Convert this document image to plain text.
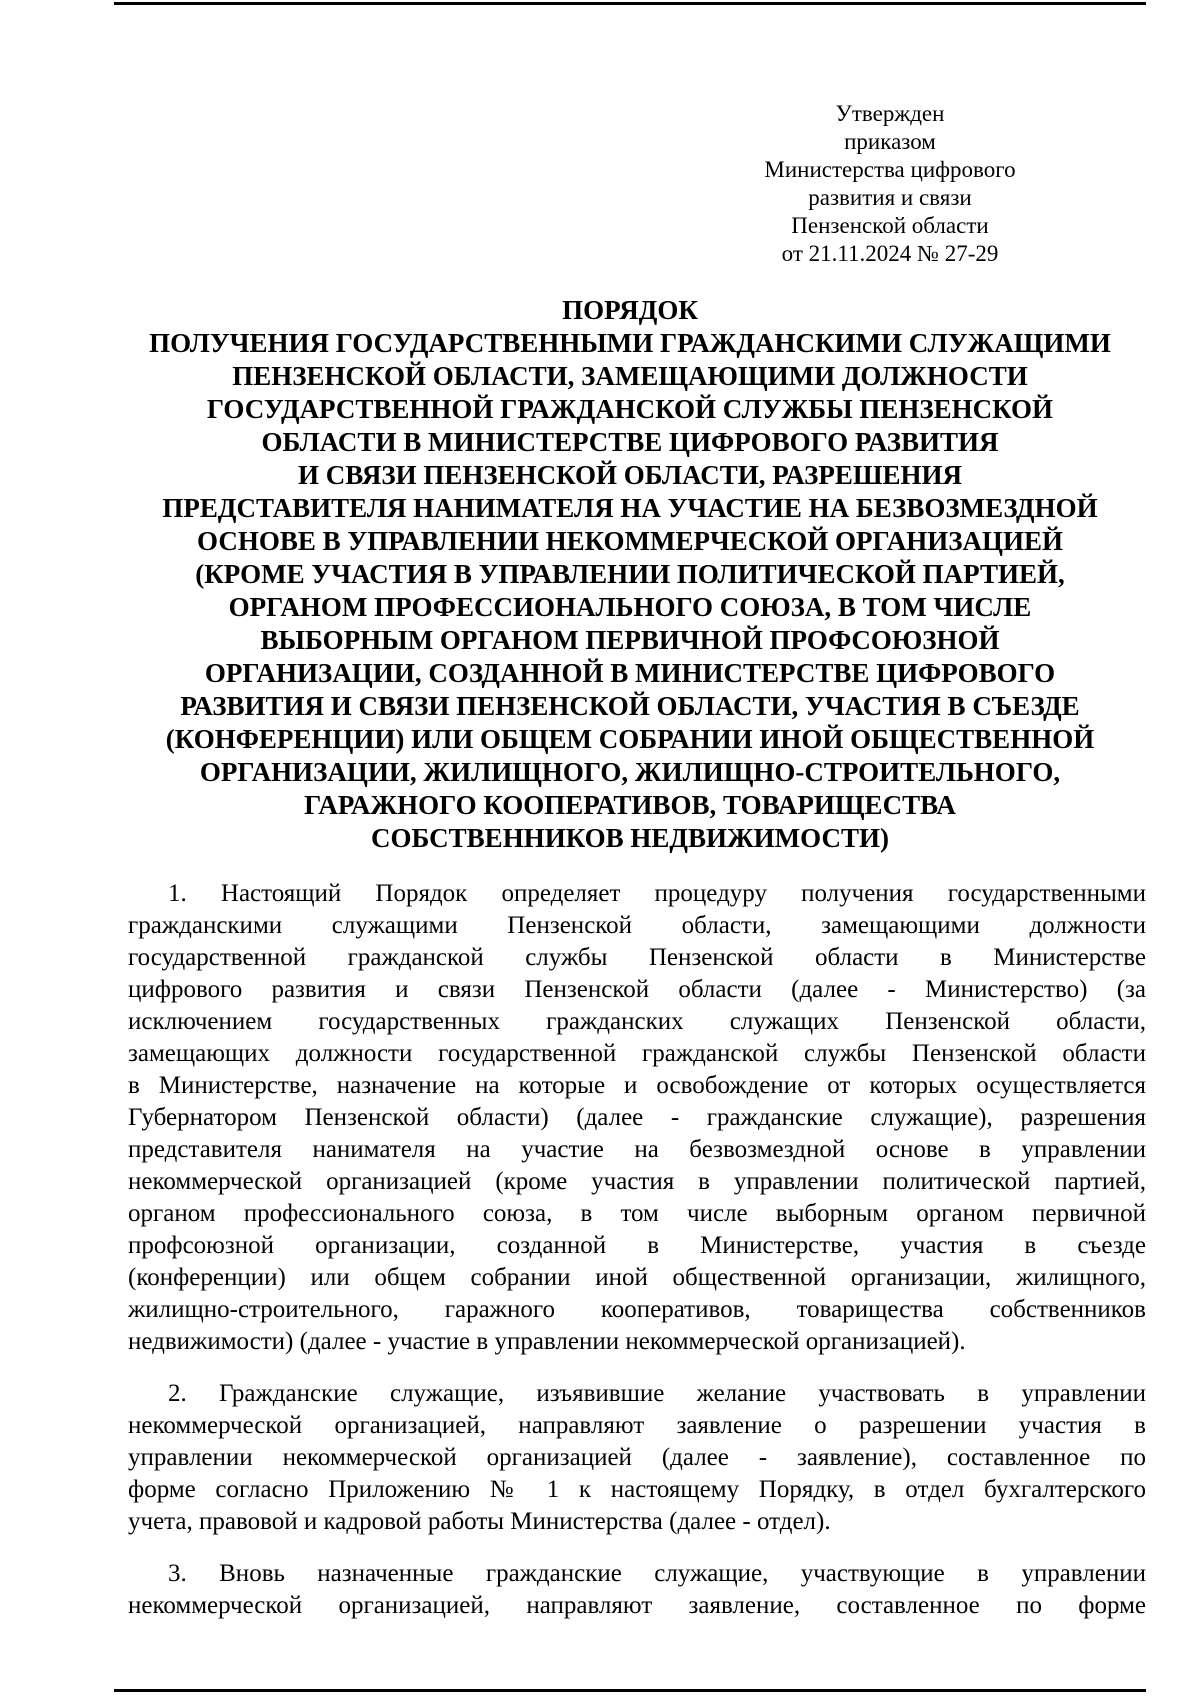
Утвержден
приказом
Министерства цифрового
развития и связи
Пензенской области
от 21.11.2024 № 27-29
ПОРЯДОК
ПОЛУЧЕНИЯ ГОСУДАРСТВЕННЫМИ ГРАЖДАНСКИМИ СЛУЖАЩИМИ
ПЕНЗЕНСКОЙ ОБЛАСТИ, ЗАМЕЩАЮЩИМИ ДОЛЖНОСТИ
ГОСУДАРСТВЕННОЙ ГРАЖДАНСКОЙ СЛУЖБЫ ПЕНЗЕНСКОЙ
ОБЛАСТИ В МИНИСТЕРСТВЕ ЦИФРОВОГО РАЗВИТИЯ
И СВЯЗИ ПЕНЗЕНСКОЙ ОБЛАСТИ, РАЗРЕШЕНИЯ
ПРЕДСТАВИТЕЛЯ НАНИМАТЕЛЯ НА УЧАСТИЕ НА БЕЗВОЗМЕЗДНОЙ
ОСНОВЕ В УПРАВЛЕНИИ НЕКОММЕРЧЕСКОЙ ОРГАНИЗАЦИЕЙ
(КРОМЕ УЧАСТИЯ В УПРАВЛЕНИИ ПОЛИТИЧЕСКОЙ ПАРТИЕЙ,
ОРГАНОМ ПРОФЕССИОНАЛЬНОГО СОЮЗА, В ТОМ ЧИСЛЕ
ВЫБОРНЫМ ОРГАНОМ ПЕРВИЧНОЙ ПРОФСОЮЗНОЙ
ОРГАНИЗАЦИИ, СОЗДАННОЙ В МИНИСТЕРСТВЕ ЦИФРОВОГО
РАЗВИТИЯ И СВЯЗИ ПЕНЗЕНСКОЙ ОБЛАСТИ, УЧАСТИЯ В СЪЕЗДЕ
(КОНФЕРЕНЦИИ) ИЛИ ОБЩЕМ СОБРАНИИ ИНОЙ ОБЩЕСТВЕННОЙ
ОРГАНИЗАЦИИ, ЖИЛИЩНОГО, ЖИЛИЩНО-СТРОИТЕЛЬНОГО,
ГАРАЖНОГО КООПЕРАТИВОВ, ТОВАРИЩЕСТВА
СОБСТВЕННИКОВ НЕДВИЖИМОСТИ)
1. Настоящий Порядок определяет процедуру получения государственными
гражданскими служащими Пензенской области, замещающими должности
государственной гражданской службы Пензенской области в Министерстве
цифрового развития и связи Пензенской области (далее - Министерство) (за
исключением государственных гражданских служащих Пензенской области,
замещающих должности государственной гражданской службы Пензенской области
в Министерстве, назначение на которые и освобождение от которых осуществляется
Губернатором Пензенской области) (далее - гражданские служащие), разрешения
представителя нанимателя на участие на безвозмездной основе в управлении
некоммерческой организацией (кроме участия в управлении политической партией,
органом профессионального союза, в том числе выборным органом первичной
профсоюзной организации, созданной в Министерстве, участия в съезде
(конференции) или общем собрании иной общественной организации, жилищного,
жилищно-строительного, гаражного кооперативов, товарищества собственников
недвижимости) (далее - участие в управлении некоммерческой организацией).
2. Гражданские служащие, изъявившие желание участвовать в управлении
некоммерческой организацией, направляют заявление о разрешении участия в
управлении некоммерческой организацией (далее - заявление), составленное по
форме согласно Приложению № 1 к настоящему Порядку, в отдел бухгалтерского
учета, правовой и кадровой работы Министерства (далее - отдел).
3. Вновь назначенные гражданские служащие, участвующие в управлении
некоммерческой организацией, направляют заявление, составленное по форме
